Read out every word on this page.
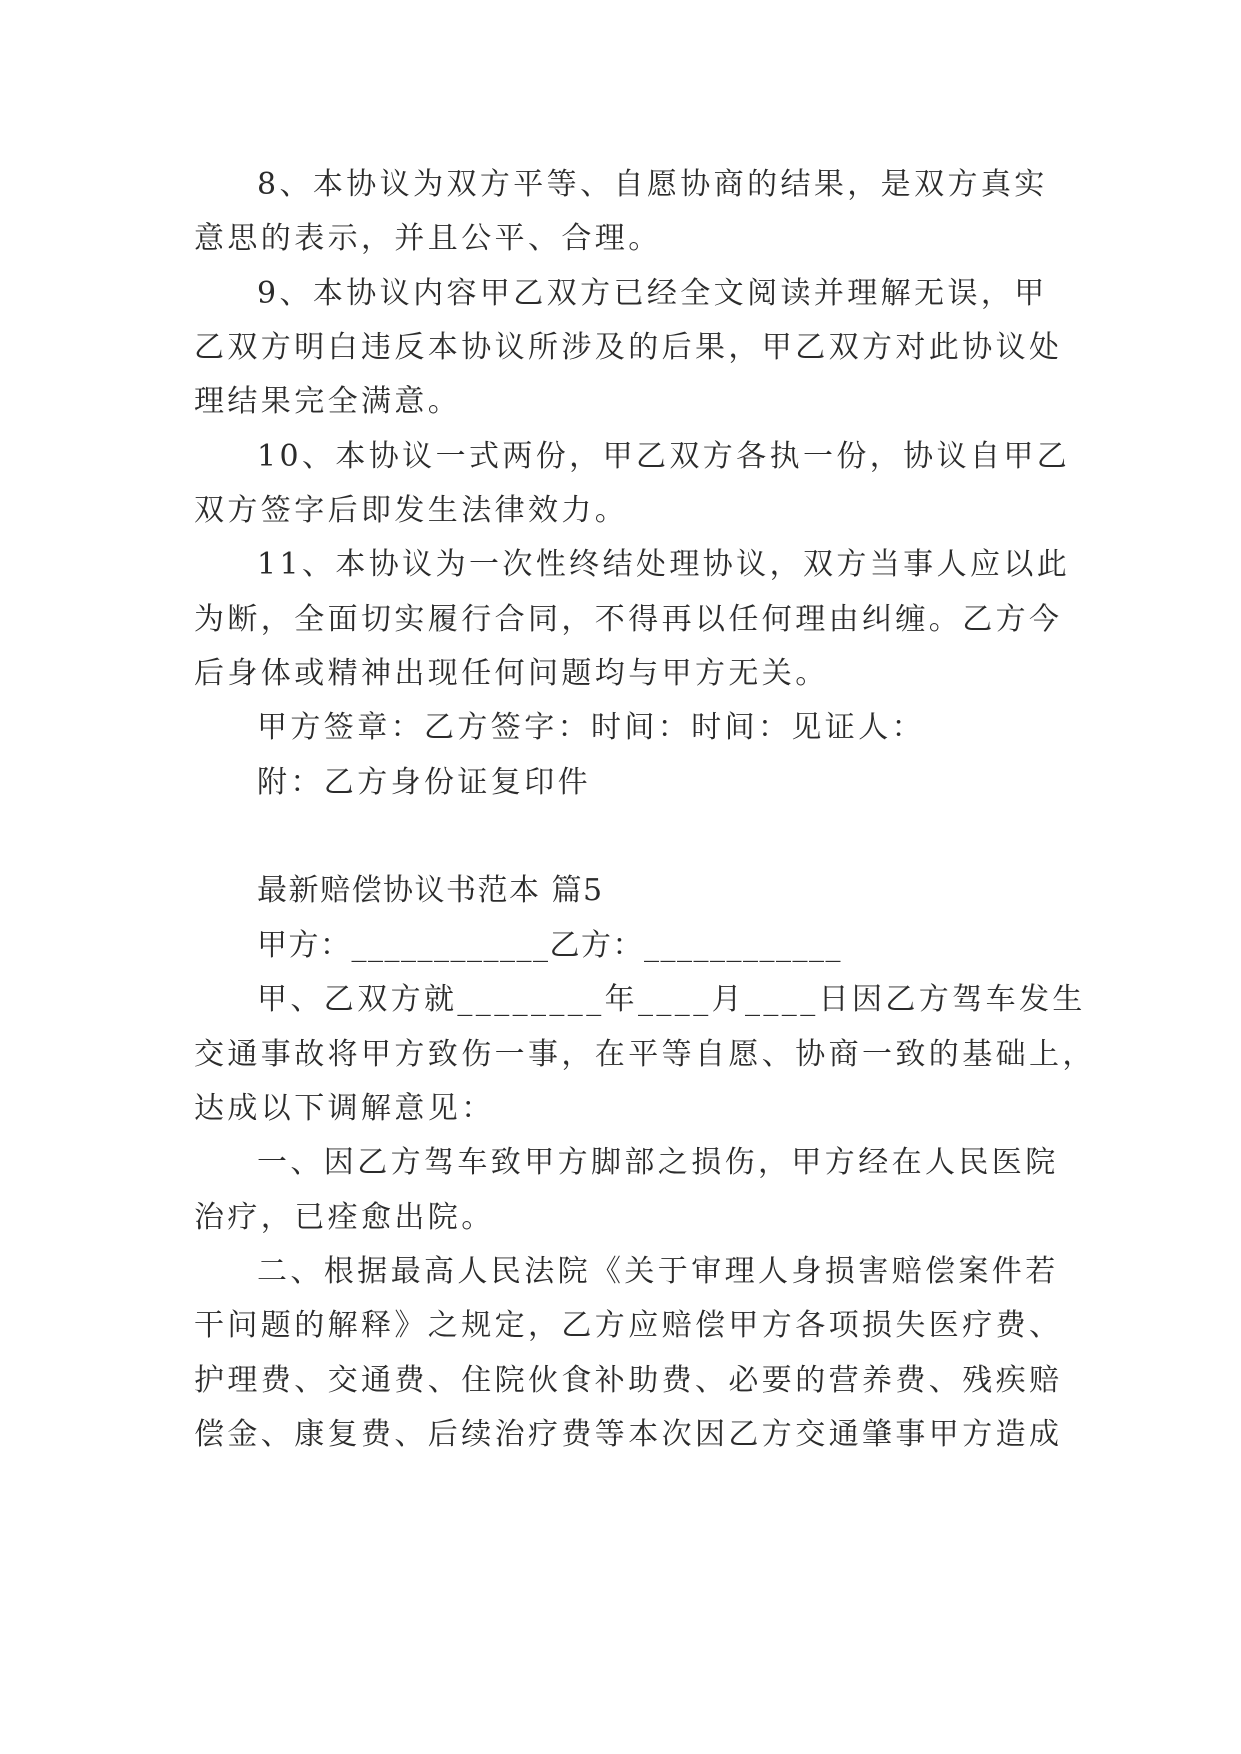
8、本协议为双方平等、自愿协商的结果，是双方真实
意思的表示，并且公平、合理。
9、本协议内容甲乙双方已经全文阅读并理解无误，甲
乙双方明白违反本协议所涉及的后果，甲乙双方对此协议处
理结果完全满意。
10、本协议一式两份，甲乙双方各执一份，协议自甲乙
双方签字后即发生法律效力。
11、本协议为一次性终结处理协议，双方当事人应以此
为断，全面切实履行合同，不得再以任何理由纠缠。乙方今
后身体或精神出现任何问题均与甲方无关。
甲方签章：乙方签字：时间：时间：见证人：
附：乙方身份证复印件
最新赔偿协议书范本 篇5
甲方：____________乙方：____________
甲、乙双方就________年____月____日因乙方驾车发生
交通事故将甲方致伤一事，在平等自愿、协商一致的基础上，
达成以下调解意见：
一、因乙方驾车致甲方脚部之损伤，甲方经在人民医院
治疗，已痊愈出院。
二、根据最高人民法院《关于审理人身损害赔偿案件若
干问题的解释》之规定，乙方应赔偿甲方各项损失医疗费、
护理费、交通费、住院伙食补助费、必要的营养费、残疾赔
偿金、康复费、后续治疗费等本次因乙方交通肇事甲方造成
